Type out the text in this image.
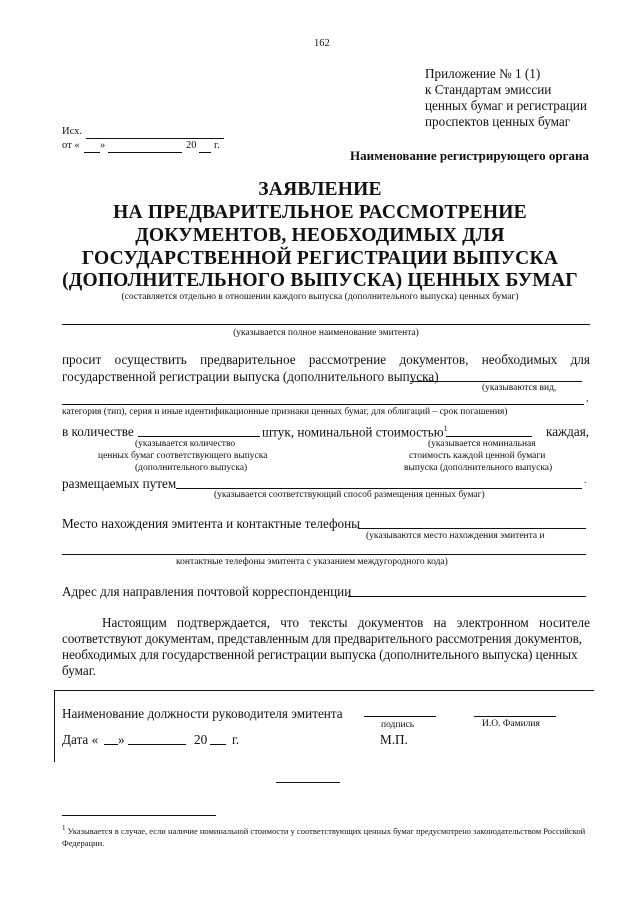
162
Приложение № 1 (1)
к Стандартам эмиссии
ценных бумаг и регистрации
проспектов ценных бумаг
Исх.
от « »	20 г.
Наименование регистрирующего органа
ЗАЯВЛЕНИЕ
НА ПРЕДВАРИТЕЛЬНОЕ РАССМОТРЕНИЕ
ДОКУМЕНТОВ, НЕОБХОДИМЫХ ДЛЯ
ГОСУДАРСТВЕННОЙ РЕГИСТРАЦИИ ВЫПУСКА
(ДОПОЛНИТЕЛЬНОГО ВЫПУСКА) ЦЕННЫХ БУМАГ
(составляется отдельно в отношении каждого выпуска (дополнительного выпуска) ценных бумаг)
(указывается полное наименование эмитента)
просит осуществить предварительное рассмотрение документов, необходимых для
государственной регистрации выпуска (дополнительного выпуска)
(указываются вид,
,
категория (тип), серия и иные идентификационные признаки ценных бумаг, для облигаций – срок погашения)
в количестве	штук, номинальной стоимостью$^1$	каждая,
(указывается количество
ценных бумаг соответствующего выпуска
(дополнительного выпуска)
(указывается номинальная
стоимость каждой ценной бумаги
выпуска (дополнительного выпуска)
размещаемых путем	.
(указывается соответствующий способ размещения ценных бумаг)
Место нахождения эмитента и контактные телефоны
(указываются место нахождения эмитента и
контактные телефоны эмитента с указанием междугородного кода)
Адрес для направления почтовой корреспонденции
Настоящим подтверждается, что тексты документов на электронном носителе
соответствуют документам, представленным для предварительного рассмотрения документов,
необходимых для государственной регистрации выпуска (дополнительного выпуска) ценных
бумаг.
Наименование должности руководителя эмитента
подпись	И.О. Фамилия
Дата « »	20 г.	М.П.
$^1$ Указывается в случае, если наличие номинальной стоимости у соответствующих ценных бумаг предусмотрено законодательством Российской Федерации.
